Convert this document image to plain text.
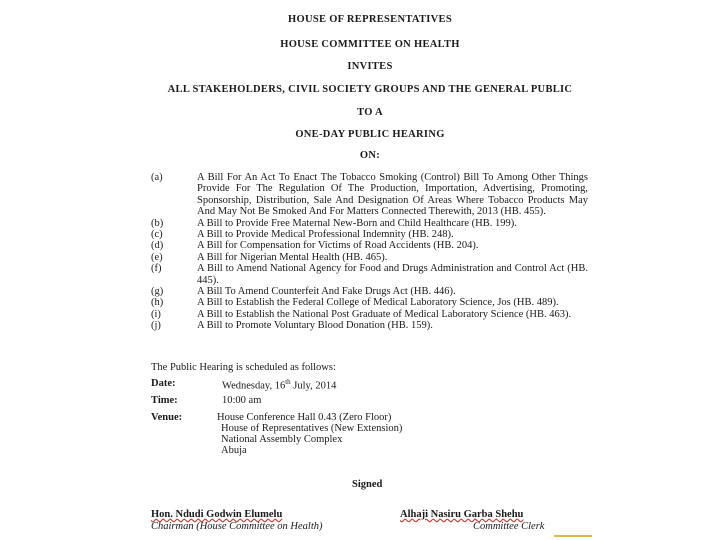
HOUSE OF REPRESENTATIVES
HOUSE COMMITTEE ON HEALTH
INVITES
ALL STAKEHOLDERS, CIVIL SOCIETY GROUPS AND THE GENERAL PUBLIC
TO A
ONE-DAY PUBLIC HEARING
ON:
(a)	A Bill For An Act To Enact The Tobacco Smoking (Control) Bill To Among Other Things Provide For The Regulation Of The Production, Importation, Advertising, Promoting, Sponsorship, Distribution, Sale And Designation Of Areas Where Tobacco Products May And May Not Be Smoked And For Matters Connected Therewith, 2013 (HB. 455).
(b)	A Bill to Provide Free Maternal New-Born and Child Healthcare (HB. 199).
(c)	A Bill to Provide Medical Professional Indemnity (HB. 248).
(d)	A Bill for Compensation for Victims of Road Accidents (HB. 204).
(e)	A Bill for Nigerian Mental Health (HB. 465).
(f)	A Bill to Amend National Agency for Food and Drugs Administration and Control Act (HB. 445).
(g)	A Bill To Amend Counterfeit And Fake Drugs Act (HB. 446).
(h)	A Bill to Establish the Federal College of Medical Laboratory Science, Jos (HB. 489).
(i)	A Bill to Establish the National Post Graduate of Medical Laboratory Science (HB. 463).
(j)	A Bill to Promote Voluntary Blood Donation (HB. 159).
The Public Hearing is scheduled as follows:
Date:	Wednesday, 16th July, 2014
Time:	10:00 am
Venue:	House Conference Hall 0.43 (Zero Floor)
House of Representatives (New Extension)
National Assembly Complex
Abuja
Signed
Hon. Ndudi Godwin Elumelu
Chairman (House Committee on Health)
Alhaji Nasiru Garba Shehu
Committee Clerk
